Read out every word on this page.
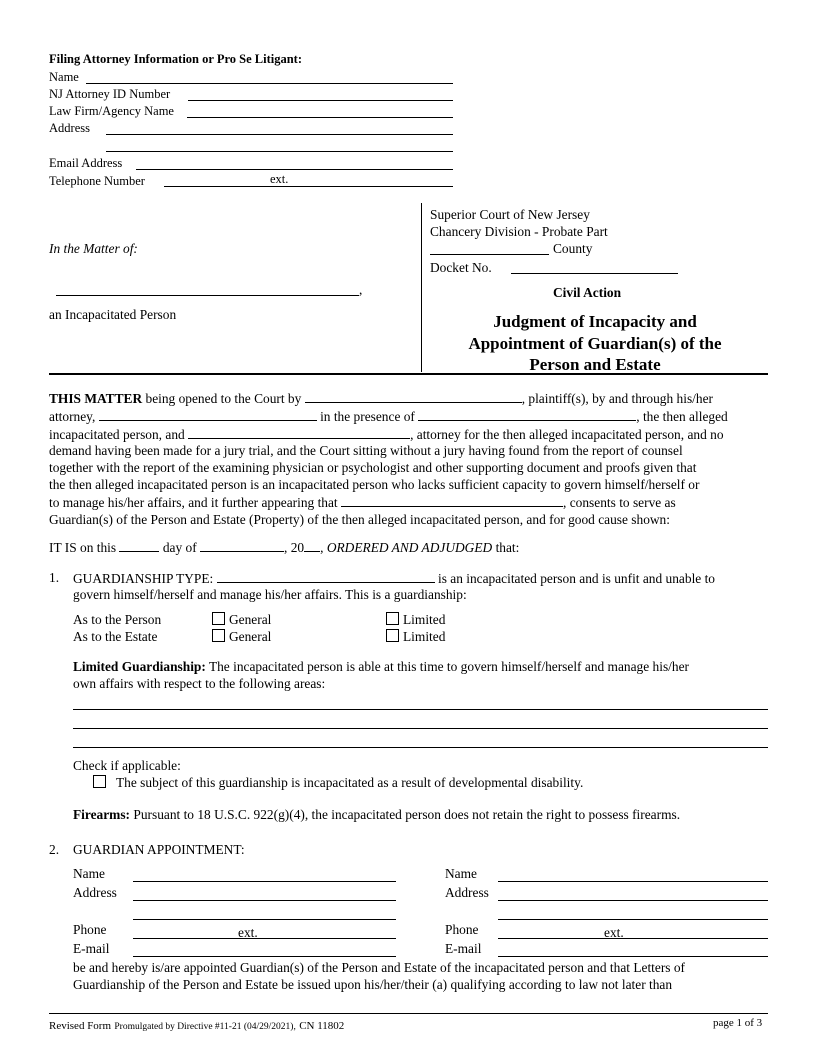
Filing Attorney Information or Pro Se Litigant:
Name
NJ Attorney ID Number
Law Firm/Agency Name
Address
Email Address
Telephone Number	ext.
In the Matter of:
,
an Incapacitated Person
Superior Court of New Jersey
Chancery Division - Probate Part
County
Docket No.
Civil Action
Judgment of Incapacity and
Appointment of Guardian(s) of the
Person and Estate
THIS MATTER being opened to the Court by	, plaintiff(s), by and through his/her
attorney,	in the presence of	, the then alleged
incapacitated person, and	, attorney for the then alleged incapacitated person, and no
demand having been made for a jury trial, and the Court sitting without a jury having found from the report of counsel
together with the report of the examining physician or psychologist and other supporting document and proofs given that
the then alleged incapacitated person is an incapacitated person who lacks sufficient capacity to govern himself/herself or
to manage his/her affairs, and it further appearing that	, consents to serve as
Guardian(s) of the Person and Estate (Property) of the then alleged incapacitated person, and for good cause shown:
IT IS on this	day of	, 20 , ORDERED AND ADJUDGED that:
1. GUARDIANSHIP TYPE:	is an incapacitated person and is unfit and unable to
govern himself/herself and manage his/her affairs. This is a guardianship:
As to the Person	General	Limited
As to the Estate	General	Limited
Limited Guardianship: The incapacitated person is able at this time to govern himself/herself and manage his/her
own affairs with respect to the following areas:
Check if applicable:
The subject of this guardianship is incapacitated as a result of developmental disability.
Firearms: Pursuant to 18 U.S.C. 922(g)(4), the incapacitated person does not retain the right to possess firearms.
2. GUARDIAN APPOINTMENT:
Name
Address
Phone	ext.
E-mail
Name
Address
Phone	ext.
E-mail
be and hereby is/are appointed Guardian(s) of the Person and Estate of the incapacitated person and that Letters of
Guardianship of the Person and Estate be issued upon his/her/their (a) qualifying according to law not later than
Revised Form Promulgated by Directive #11-21 (04/29/2021), CN 11802	page 1 of 3
